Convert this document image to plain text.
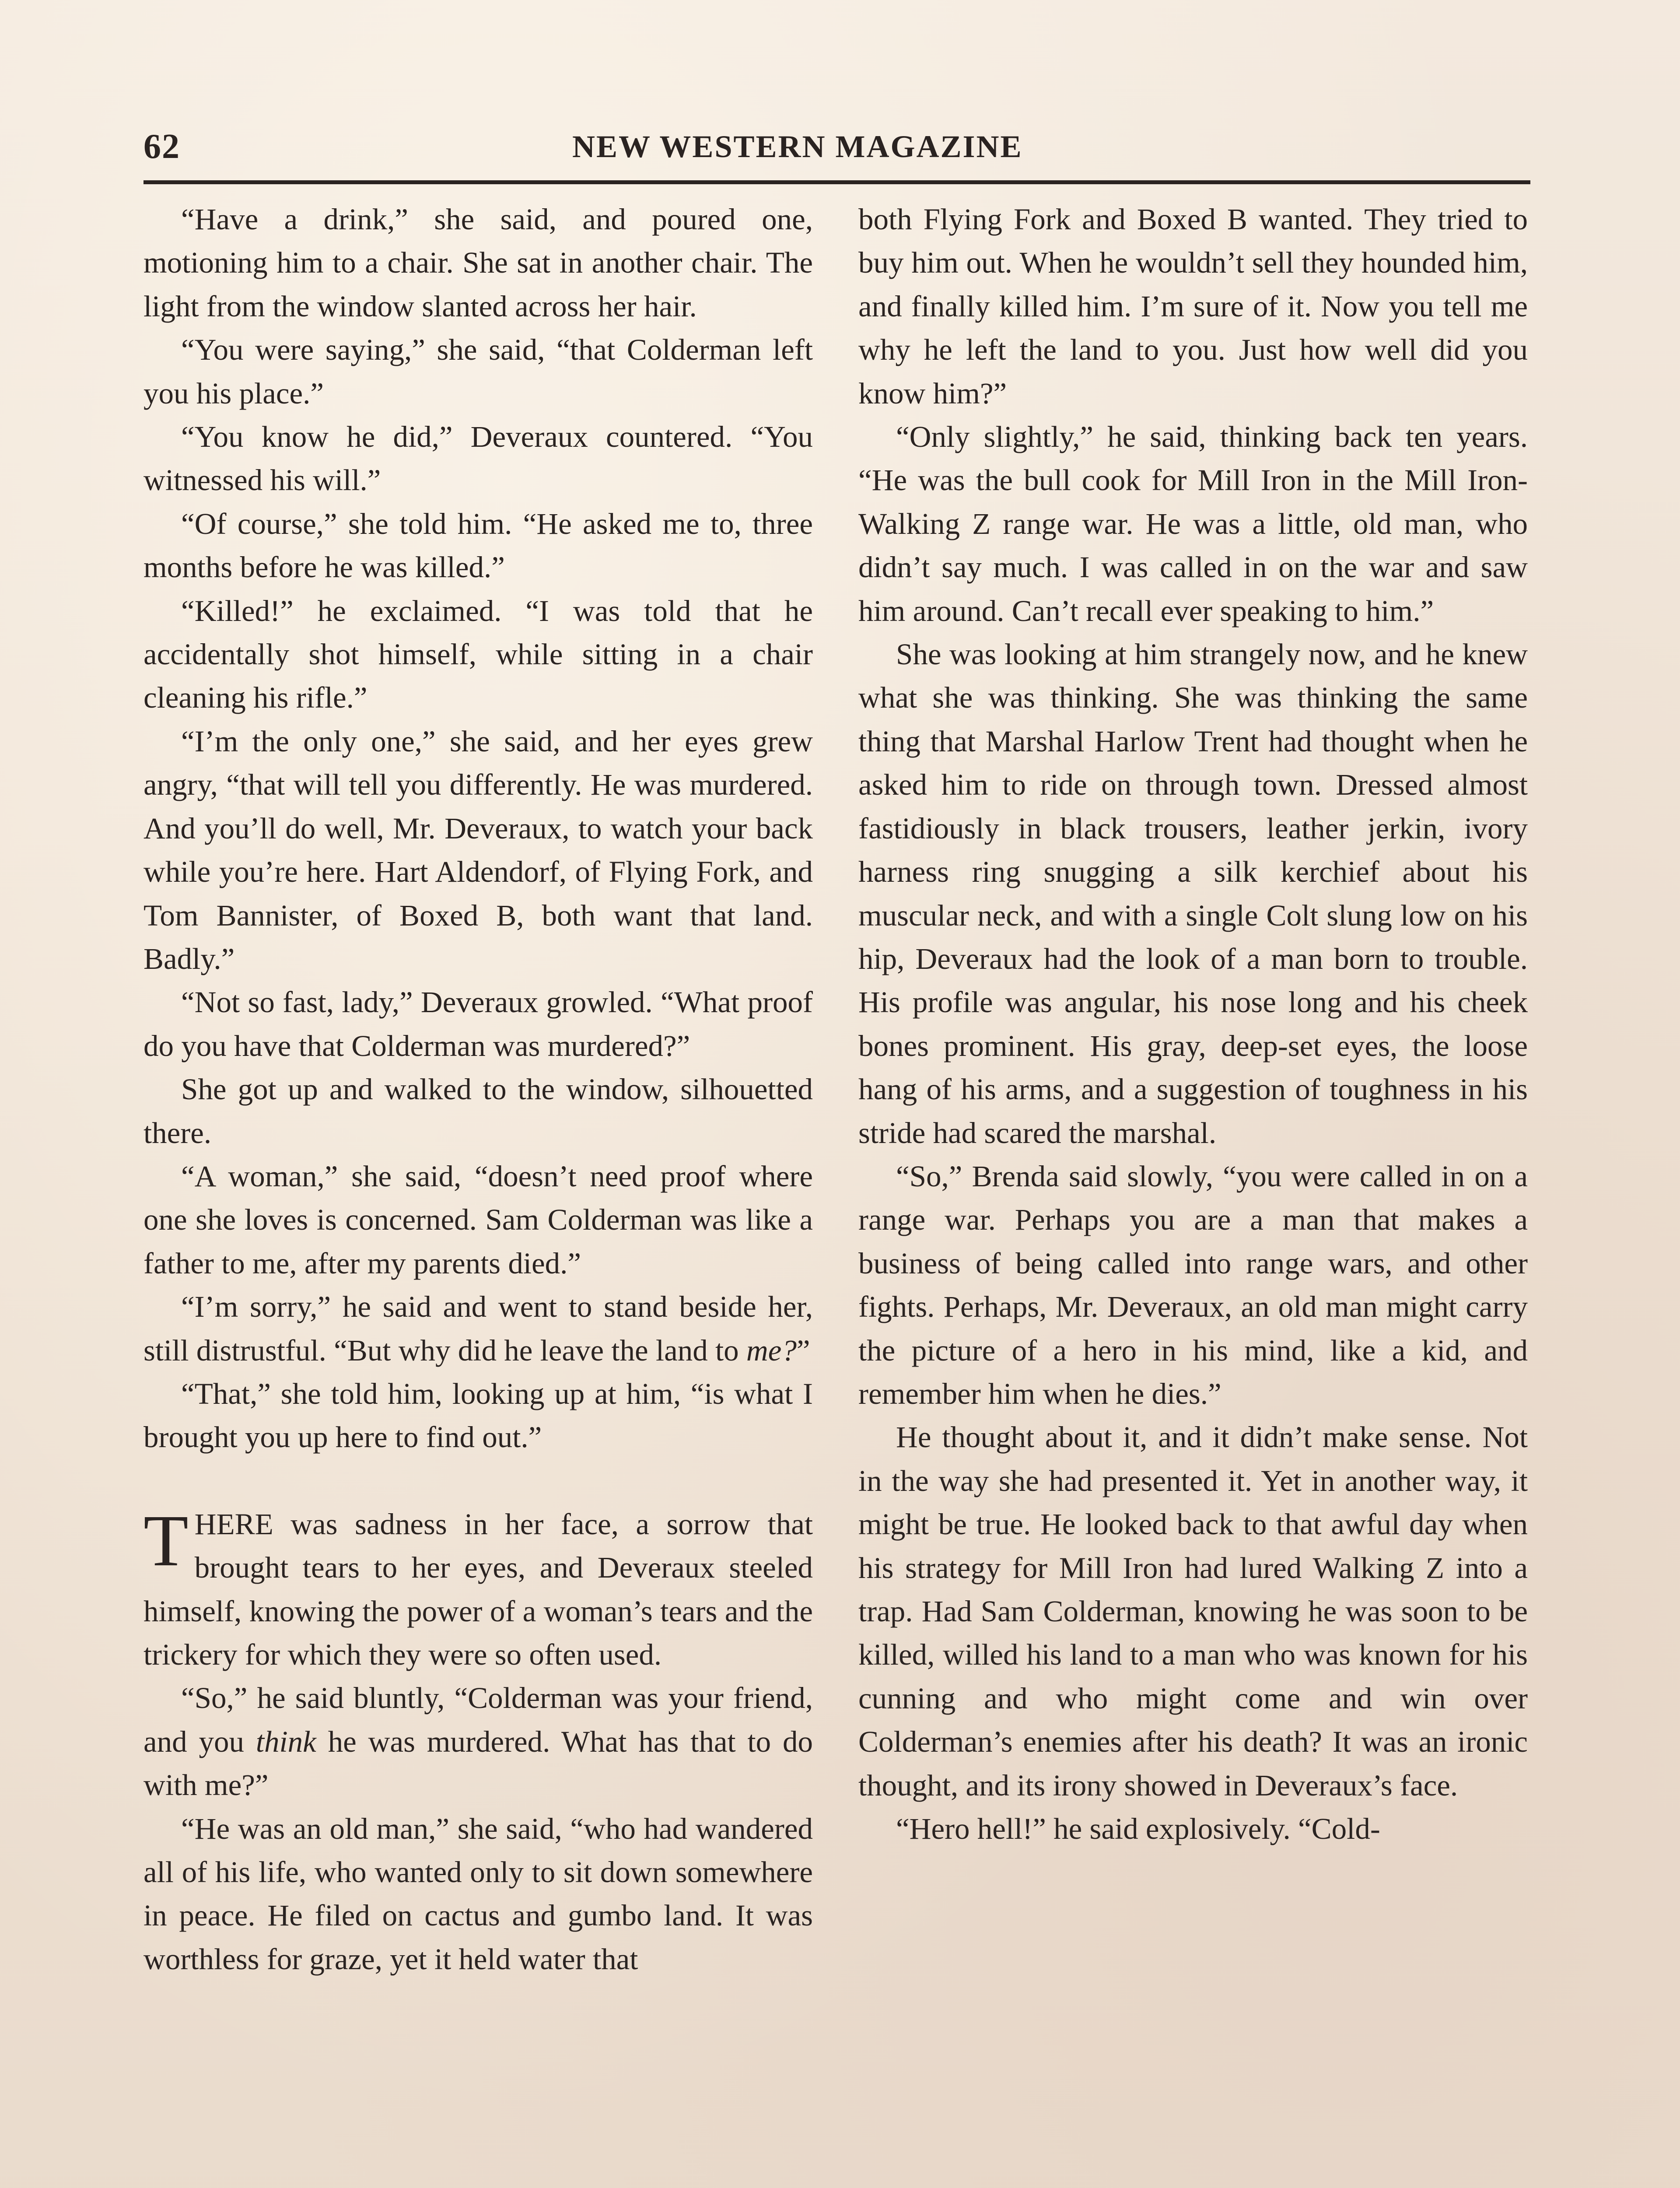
62	NEW WESTERN MAGAZINE

“Have a drink,” she said, and poured one, motioning him to a chair. She sat in another chair. The light from the window slanted across her hair.

“You were saying,” she said, “that Colderman left you his place.”

“You know he did,” Deveraux countered. “You witnessed his will.”

“Of course,” she told him. “He asked me to, three months before he was killed.”

“Killed!” he exclaimed. “I was told that he accidentally shot himself, while sitting in a chair cleaning his rifle.”

“I’m the only one,” she said, and her eyes grew angry, “that will tell you differently. He was murdered. And you’ll do well, Mr. Deveraux, to watch your back while you’re here. Hart Aldendorf, of Flying Fork, and Tom Bannister, of Boxed B, both want that land. Badly.”

“Not so fast, lady,” Deveraux growled. “What proof do you have that Colderman was murdered?”

She got up and walked to the window, silhouetted there.

“A woman,” she said, “doesn’t need proof where one she loves is concerned. Sam Colderman was like a father to me, after my parents died.”

“I’m sorry,” he said and went to stand beside her, still distrustful. “But why did he leave the land to me?”

“That,” she told him, looking up at him, “is what I brought you up here to find out.”

THERE was sadness in her face, a sorrow that brought tears to her eyes, and Deveraux steeled himself, knowing the power of a woman’s tears and the trickery for which they were so often used.

“So,” he said bluntly, “Colderman was your friend, and you think he was murdered. What has that to do with me?”

“He was an old man,” she said, “who had wandered all of his life, who wanted only to sit down somewhere in peace. He filed on cactus and gumbo land. It was worthless for graze, yet it held water that

both Flying Fork and Boxed B wanted. They tried to buy him out. When he wouldn’t sell they hounded him, and finally killed him. I’m sure of it. Now you tell me why he left the land to you. Just how well did you know him?”

“Only slightly,” he said, thinking back ten years. “He was the bull cook for Mill Iron in the Mill Iron-Walking Z range war. He was a little, old man, who didn’t say much. I was called in on the war and saw him around. Can’t recall ever speaking to him.”

She was looking at him strangely now, and he knew what she was thinking. She was thinking the same thing that Marshal Harlow Trent had thought when he asked him to ride on through town. Dressed almost fastidiously in black trousers, leather jerkin, ivory harness ring snugging a silk kerchief about his muscular neck, and with a single Colt slung low on his hip, Deveraux had the look of a man born to trouble. His profile was angular, his nose long and his cheek bones prominent. His gray, deep-set eyes, the loose hang of his arms, and a suggestion of toughness in his stride had scared the marshal.

“So,” Brenda said slowly, “you were called in on a range war. Perhaps you are a man that makes a business of being called into range wars, and other fights. Perhaps, Mr. Deveraux, an old man might carry the picture of a hero in his mind, like a kid, and remember him when he dies.”

He thought about it, and it didn’t make sense. Not in the way she had presented it. Yet in another way, it might be true. He looked back to that awful day when his strategy for Mill Iron had lured Walking Z into a trap. Had Sam Colderman, knowing he was soon to be killed, willed his land to a man who was known for his cunning and who might come and win over Colderman’s enemies after his death? It was an ironic thought, and its irony showed in Deveraux’s face.

“Hero hell!” he said explosively. “Cold-
